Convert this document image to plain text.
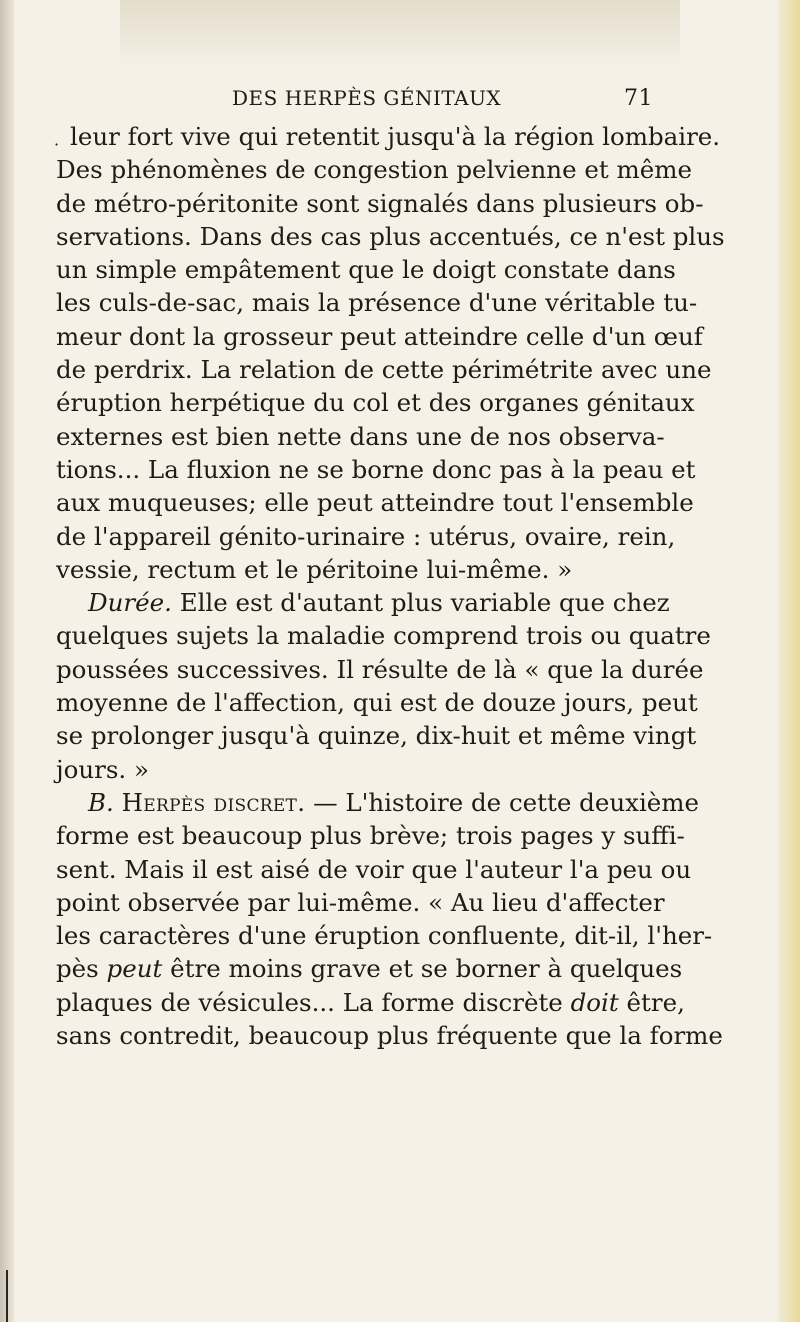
DES HERPÈS GÉNITAUX	71
· leur fort vive qui retentit jusqu'à la région lombaire.
Des phénomènes de congestion pelvienne et même
de métro-péritonite sont signalés dans plusieurs ob-
servations. Dans des cas plus accentués, ce n'est plus
un simple empâtement que le doigt constate dans
les culs-de-sac, mais la présence d'une véritable tu-
meur dont la grosseur peut atteindre celle d'un œuf
de perdrix. La relation de cette périmétrite avec une
éruption herpétique du col et des organes génitaux
externes est bien nette dans une de nos observa-
tions... La fluxion ne se borne donc pas à la peau et
aux muqueuses; elle peut atteindre tout l'ensemble
de l'appareil génito-urinaire : utérus, ovaire, rein,
vessie, rectum et le péritoine lui-même. »
Durée. Elle est d'autant plus variable que chez
quelques sujets la maladie comprend trois ou quatre
poussées successives. Il résulte de là « que la durée
moyenne de l'affection, qui est de douze jours, peut
se prolonger jusqu'à quinze, dix-huit et même vingt
jours. »
B. Herpès discret. — L'histoire de cette deuxième
forme est beaucoup plus brève; trois pages y suffi-
sent. Mais il est aisé de voir que l'auteur l'a peu ou
point observée par lui-même. « Au lieu d'affecter
les caractères d'une éruption confluente, dit-il, l'her-
pès peut être moins grave et se borner à quelques
plaques de vésicules... La forme discrète doit être,
sans contredit, beaucoup plus fréquente que la forme
